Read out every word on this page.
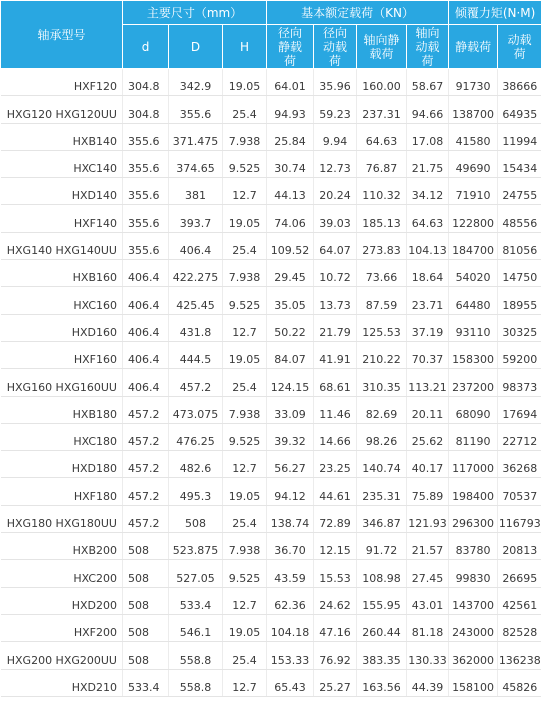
轴承型号	主要尺寸（mm）			基本额定载荷（KN）				倾覆力矩(N·M)	
	d	D	H	径向静载荷	径向动载荷	轴向静载荷	轴向动载荷	静载荷	动载荷
HXF120	304.8	342.9	19.05	64.01	35.96	160.00	58.67	91730	38666
HXG120 HXG120UU	304.8	355.6	25.4	94.93	59.23	237.31	94.66	138700	64935
HXB140	355.6	371.475	7.938	25.84	9.94	64.63	17.08	41580	11994
HXC140	355.6	374.65	9.525	30.74	12.73	76.87	21.75	49690	15434
HXD140	355.6	381	12.7	44.13	20.24	110.32	34.12	71910	24755
HXF140	355.6	393.7	19.05	74.06	39.03	185.13	64.63	122800	48556
HXG140 HXG140UU	355.6	406.4	25.4	109.52	64.07	273.83	104.13	184700	81056
HXB160	406.4	422.275	7.938	29.45	10.72	73.66	18.64	54020	14750
HXC160	406.4	425.45	9.525	35.05	13.73	87.59	23.71	64480	18955
HXD160	406.4	431.8	12.7	50.22	21.79	125.53	37.19	93110	30325
HXF160	406.4	444.5	19.05	84.07	41.91	210.22	70.37	158300	59200
HXG160 HXG160UU	406.4	457.2	25.4	124.15	68.61	310.35	113.21	237200	98373
HXB180	457.2	473.075	7.938	33.09	11.46	82.69	20.11	68090	17694
HXC180	457.2	476.25	9.525	39.32	14.66	98.26	25.62	81190	22712
HXD180	457.2	482.6	12.7	56.27	23.25	140.74	40.17	117000	36268
HXF180	457.2	495.3	19.05	94.12	44.61	235.31	75.89	198400	70537
HXG180 HXG180UU	457.2	508	25.4	138.74	72.89	346.87	121.93	296300	116793
HXB200	508	523.875	7.938	36.70	12.15	91.72	21.57	83780	20813
HXC200	508	527.05	9.525	43.59	15.53	108.98	27.45	99830	26695
HXD200	508	533.4	12.7	62.36	24.62	155.95	43.01	143700	42561
HXF200	508	546.1	19.05	104.18	47.16	260.44	81.18	243000	82528
HXG200 HXG200UU	508	558.8	25.4	153.33	76.92	383.35	130.33	362000	136238
HXD210	533.4	558.8	12.7	65.43	25.27	163.56	44.39	158100	45826
